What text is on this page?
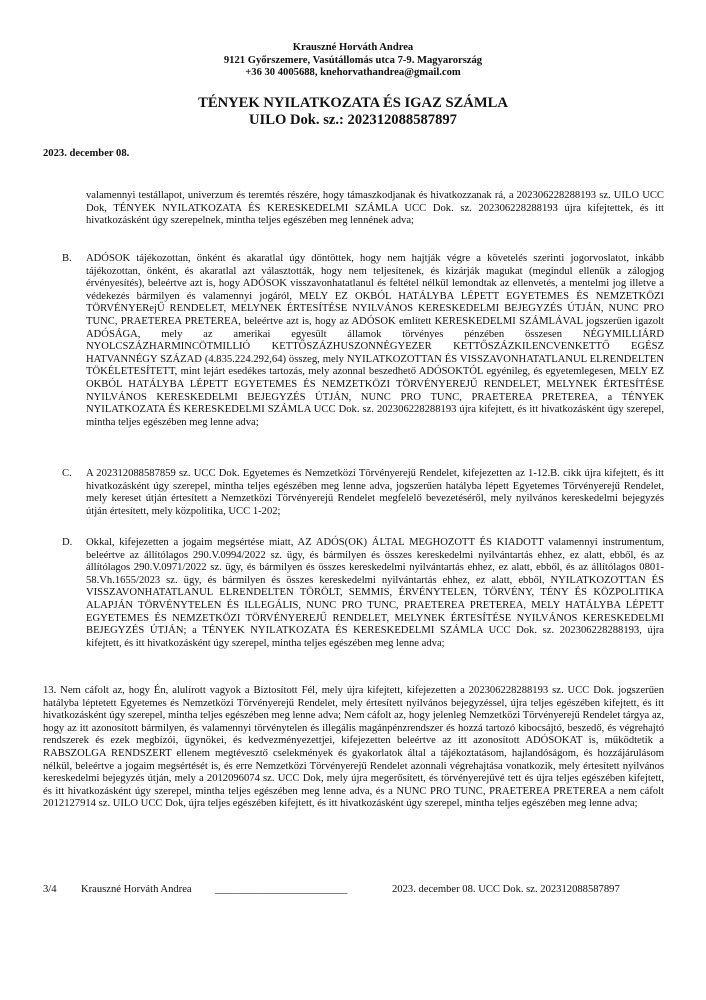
Krauszné Horváth Andrea
9121 Győrszemere, Vasútállomás utca 7-9. Magyarország
+36 30 4005688, knehorvathandrea@gmail.com
TÉNYEK NYILATKOZATA ÉS IGAZ SZÁMLA
UILO Dok. sz.: 202312088587897
2023. december 08.

valamennyi testállapot, univerzum és teremtés részére, hogy támaszkodjanak és hivatkozzanak rá, a 202306228288193 sz. UILO UCC Dok, TÉNYEK NYILATKOZATA ÉS KERESKEDELMI SZÁMLA UCC Dok. sz. 202306228288193 újra kifejtettek, és itt hivatkozásként úgy szerepelnek, mintha teljes egészében meg lennének adva;

B. ADÓSOK tájékozottan, önként és akaratlal úgy döntöttek, hogy nem hajtják végre a követelés szerinti jogorvoslatot, inkább tájékozottan, önként, és akaratlal azt választották, hogy nem teljesítenek, és kizárják magukat (megindul ellenük a zálogjog érvényesítés), beleértve azt is, hogy ADÓSOK visszavonhatatlanul és feltétel nélkül lemondtak az ellenvetés, a mentelmi jog illetve a védekezés bármilyen és valamennyi jogáról, MELY EZ OKBÓL HATÁLYBA LÉPETT EGYETEMES ÉS NEMZETKÖZI TÖRVÉNYERejŰ RENDELET, MELYNEK ÉRTESÍTÉSE NYILVÁNOS KERESKEDELMI BEJEGYZÉS ÚTJÁN, NUNC PRO TUNC, PRAETEREA PRETEREA, beleértve azt is, hogy az ADÓSOK említett KERESKEDELMI SZÁMLÁVAL jogszerűen igazolt ADÓSÁGA, mely az amerikai egyesült államok törvényes pénzében összesen NÉGYMILLIÁRD NYOLCSZÁZHARMINCÖTMILLIÓ KETTŐSZÁZHUSZONNÉGYEZER KETTŐSZÁZKILENCVENKETTŐ EGÉSZ HATVANNÉGY SZÁZAD (4.835.224.292,64) összeg, mely NYILATKOZOTTAN ÉS VISSZAVONHATATLANUL ELRENDELTEN TÖKÉLETESÍTETT, mint lejárt esedékes tartozás, mely azonnal beszedhető ADÓSOKTÓL egyénileg, és egyetemlegesen, MELY EZ OKBÓL HATÁLYBA LÉPETT EGYETEMES ÉS NEMZETKÖZI TÖRVÉNYEREJŰ RENDELET, MELYNEK ÉRTESÍTÉSE NYILVÁNOS KERESKEDELMI BEJEGYZÉS ÚTJÁN, NUNC PRO TUNC, PRAETEREA PRETEREA, a TÉNYEK NYILATKOZATA ÉS KERESKEDELMI SZÁMLA UCC Dok. sz. 202306228288193 újra kifejtett, és itt hivatkozásként úgy szerepel, mintha teljes egészében meg lenne adva;

C. A 202312088587859 sz. UCC Dok. Egyetemes és Nemzetközi Törvényerejű Rendelet, kifejezetten az 1-12.B. cikk újra kifejtett, és itt hivatkozásként úgy szerepel, mintha teljes egészében meg lenne adva, jogszerűen hatályba lépett Egyetemes Törvényerejű Rendelet, mely kereset útján értesített a Nemzetközi Törvényerejű Rendelet megfelelő bevezetéséről, mely nyilvános kereskedelmi bejegyzés útján értesített, mely közpolitika, UCC 1-202;

D. Okkal, kifejezetten a jogaim megsértése miatt, AZ ADÓS(OK) ÁLTAL MEGHOZOTT ÉS KIADOTT valamennyi instrumentum, beleértve az állítólagos 290.V.0994/2022 sz. ügy, és bármilyen és összes kereskedelmi nyilvántartás ehhez, ez alatt, ebből, és az állítólagos 290.V.0971/2022 sz. ügy, és bármilyen és összes kereskedelmi nyilvántartás ehhez, ez alatt, ebből, és az állítólagos 0801-58.Vh.1655/2023 sz. ügy, és bármilyen és összes kereskedelmi nyilvántartás ehhez, ez alatt, ebből, NYILATKOZOTTAN ÉS VISSZAVONHATATLANUL ELRENDELTEN TÖRÖLT, SEMMIS, ÉRVÉNYTELEN, TÖRVÉNY, TÉNY ÉS KÖZPOLITIKA ALAPJÁN TÖRVÉNYTELEN ÉS ILLEGÁLIS, NUNC PRO TUNC, PRAETEREA PRETEREA, MELY HATÁLYBA LÉPETT EGYETEMES ÉS NEMZETKÖZI TÖRVÉNYEREJŰ RENDELET, MELYNEK ÉRTESÍTÉSE NYILVÁNOS KERESKEDELMI BEJEGYZÉS ÚTJÁN; a TÉNYEK NYILATKOZATA ÉS KERESKEDELMI SZÁMLA UCC Dok. sz. 202306228288193, újra kifejtett, és itt hivatkozásként úgy szerepel, mintha teljes egészében meg lenne adva;

13. Nem cáfolt az, hogy Én, alulírott vagyok a Biztosított Fél, mely újra kifejtett, kifejezetten a 202306228288193 sz. UCC Dok. jogszerűen hatályba léptetett Egyetemes és Nemzetközi Törvényerejű Rendelet, mely értesített nyilvános bejegyzéssel, újra teljes egészében kifejtett, és itt hivatkozásként úgy szerepel, mintha teljes egészében meg lenne adva; Nem cáfolt az, hogy jelenleg Nemzetközi Törvényerejű Rendelet tárgya az, hogy az itt azonosított bármilyen, és valamennyi törvénytelen és illegális magánpénzrendszer és hozzá tartozó kibocsájtó, beszedő, és végrehajtó rendszerek és ezek megbízói, ügynökei, és kedvezményezettjei, kifejezetten beleértve az itt azonosított ADÓSOKAT is, működtetik a RABSZOLGA RENDSZERT ellenem megtévesztő cselekmények és gyakorlatok által a tájékoztatásom, hajlandóságom, és hozzájárulásom nélkül, beleértve a jogaim megsértését is, és erre Nemzetközi Törvényerejű Rendelet azonnali végrehajtása vonatkozik, mely értesített nyilvános kereskedelmi bejegyzés útján, mely a 2012096074 sz. UCC Dok, mely újra megerősített, és törvényerejűvé tett és újra teljes egészében kifejtett, és itt hivatkozásként úgy szerepel, mintha teljes egészében meg lenne adva, és a NUNC PRO TUNC, PRAETEREA PRETEREA a nem cáfolt 2012127914 sz. UILO UCC Dok, újra teljes egészében kifejtett, és itt hivatkozásként úgy szerepel, mintha teljes egészében meg lenne adva;

3/4 Krauszné Horváth Andrea _________________________	2023. december 08. UCC Dok. sz. 202312088587897
